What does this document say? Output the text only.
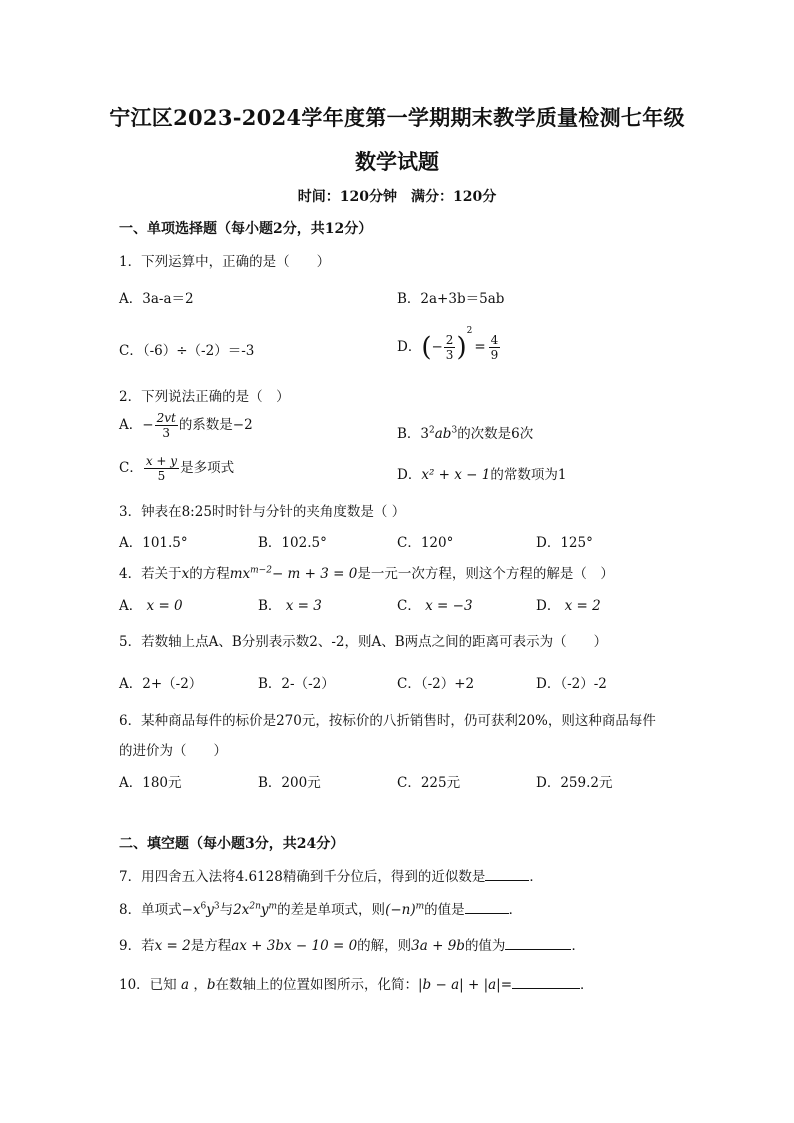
宁江区2023-2024学年度第一学期期末教学质量检测七年级
数学试题
时间：120分钟　满分：120分
一、单项选择题（每小题2分，共12分）
1．下列运算中，正确的是（　　）
A．3a-a＝2	B．2a+3b＝5ab
C．（-6）÷（-2）＝-3	D．(− $\frac{2}{3} )^2= \frac{4}{9}$
2．下列说法正确的是（　）
A．− $\frac{2vt}{3}$ 的系数是−2
B．$3^2ab^3$的次数是6次
C． $\frac{x + y}{5}$ 是多项式	D．x² + x − 1的常数项为1
3．钟表在8:25时时针与分针的夹角度数是（ ）
A．101.5°	B．102.5°	C．120°	D．125°
4．若关于x的方程$mx^{m-2}- m + 3 = 0$是一元一次方程，则这个方程的解是（　）
A． x = 0	B． x = 3	C． x = −3	D． x = 2
5．若数轴上点A、B分别表示数2、-2，则A、B两点之间的距离可表示为（　　）
A．2+（-2）	B．2-（-2）	C．（-2）+2	D．（-2）-2
6．某种商品每件的标价是270元，按标价的八折销售时，仍可获利20%，则这种商品每件
的进价为（　　）
A．180元	B．200元	C．225元	D．259.2元
二、填空题（每小题3分，共24分）
7．用四舍五入法将4.6128精确到千分位后，得到的近似数是	．
8．单项式$-x^6y^3$与$2x^{2n}y^m$的差是单项式，则$(-n)^m$的值是	．
9．若x = 2是方程ax + 3bx − 10 = 0的解，则3a + 9b的值为	．
10．已知 a ，b在数轴上的位置如图所示，化简：|b − a| + |a|=	．
